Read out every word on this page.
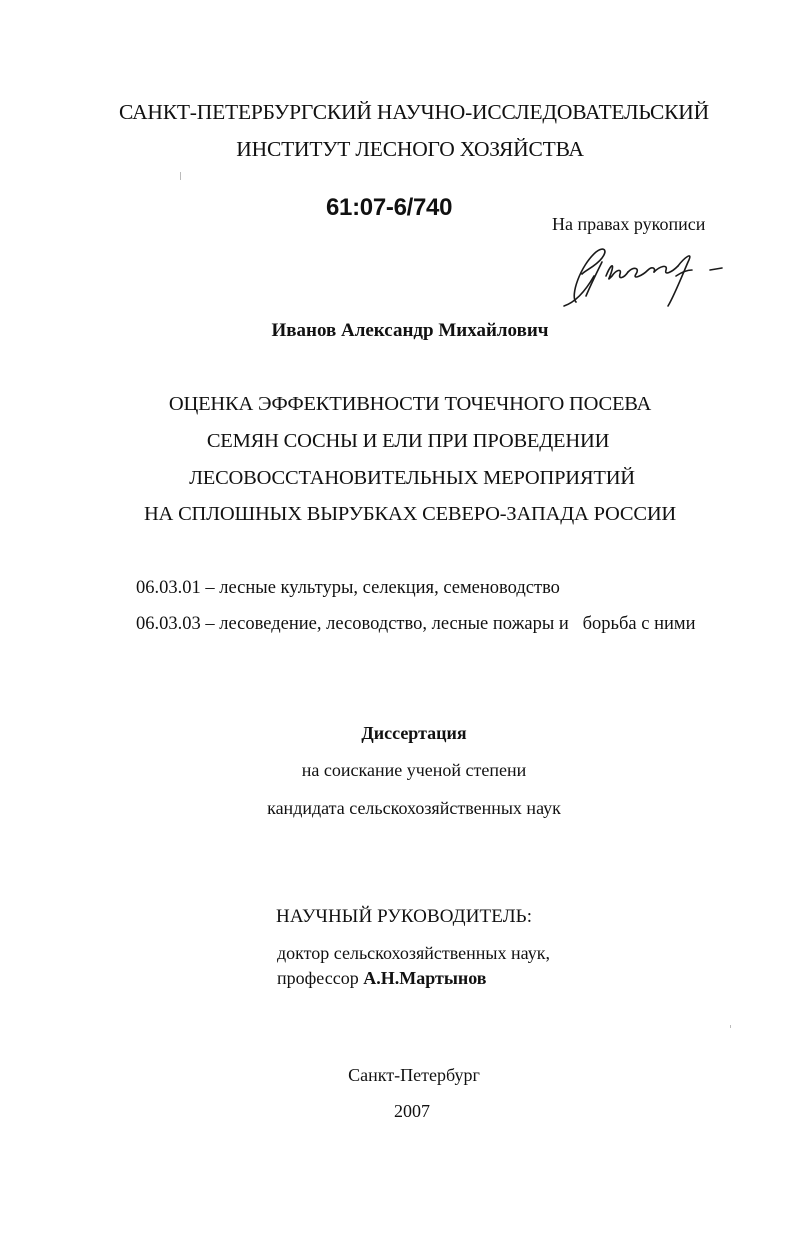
САНКТ-ПЕТЕРБУРГСКИЙ НАУЧНО-ИССЛЕДОВАТЕЛЬСКИЙ
ИНСТИТУТ ЛЕСНОГО ХОЗЯЙСТВА
61:07-6/740
На правах рукописи
Иванов Александр Михайлович
ОЦЕНКА ЭФФЕКТИВНОСТИ ТОЧЕЧНОГО ПОСЕВА
СЕМЯН СОСНЫ И ЕЛИ ПРИ ПРОВЕДЕНИИ
ЛЕСОВОССТАНОВИТЕЛЬНЫХ МЕРОПРИЯТИЙ
НА СПЛОШНЫХ ВЫРУБКАХ СЕВЕРО-ЗАПАДА РОССИИ
06.03.01 – лесные культуры, селекция, семеноводство
06.03.03 – лесоведение, лесоводство, лесные пожары и   борьба с ними
Диссертация
на соискание ученой степени
кандидата сельскохозяйственных наук
НАУЧНЫЙ РУКОВОДИТЕЛЬ:
доктор сельскохозяйственных наук,
профессор А.Н.Мартынов
Санкт-Петербург
2007
